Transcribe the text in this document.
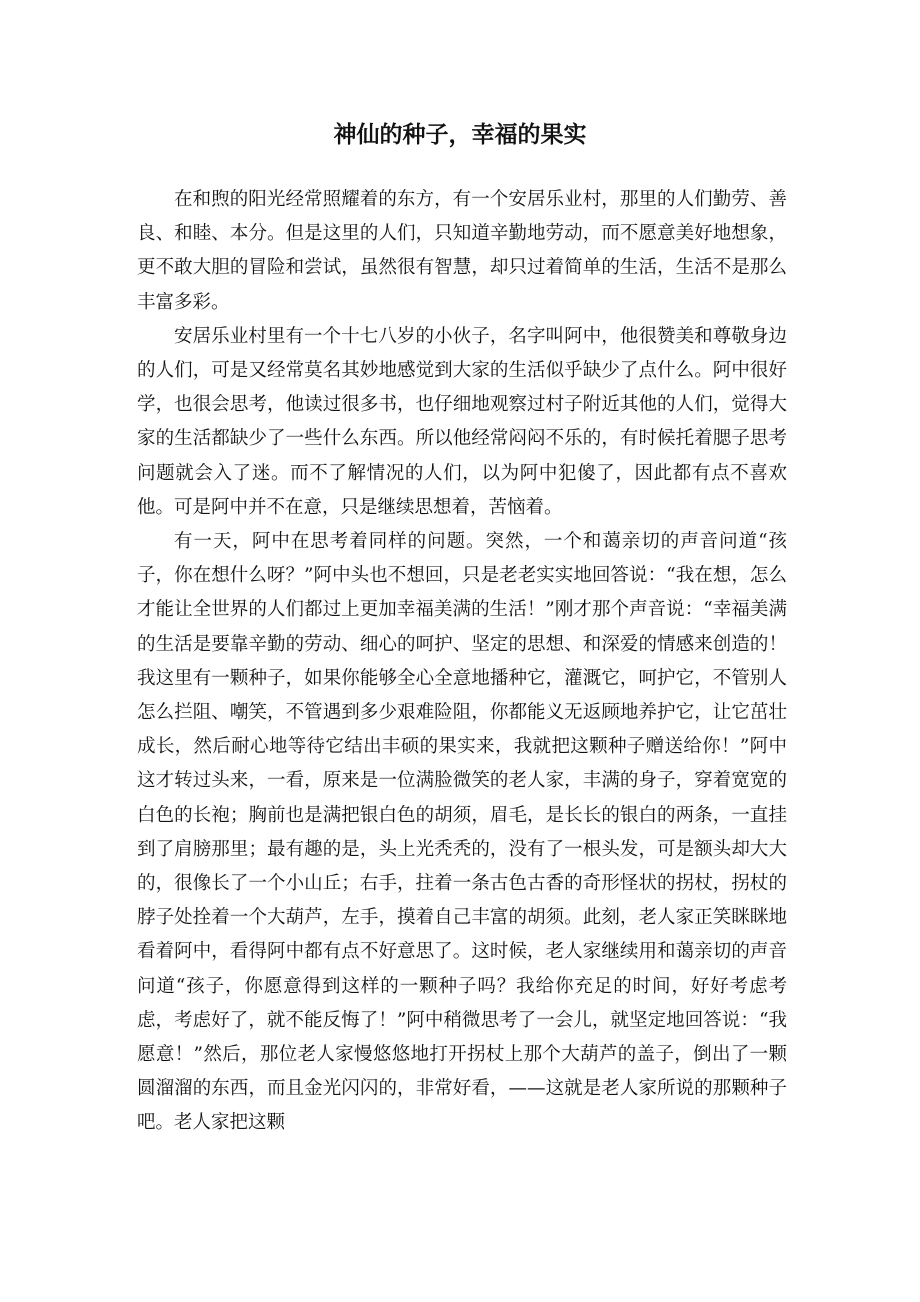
神仙的种子，幸福的果实

在和煦的阳光经常照耀着的东方，有一个安居乐业村，那里的人们勤劳、善良、和睦、本分。但是这里的人们，只知道辛勤地劳动，而不愿意美好地想象，更不敢大胆的冒险和尝试，虽然很有智慧，却只过着简单的生活，生活不是那么丰富多彩。

安居乐业村里有一个十七八岁的小伙子，名字叫阿中，他很赞美和尊敬身边的人们，可是又经常莫名其妙地感觉到大家的生活似乎缺少了点什么。阿中很好学，也很会思考，他读过很多书，也仔细地观察过村子附近其他的人们，觉得大家的生活都缺少了一些什么东西。所以他经常闷闷不乐的，有时候托着腮子思考问题就会入了迷。而不了解情况的人们，以为阿中犯傻了，因此都有点不喜欢他。可是阿中并不在意，只是继续思想着，苦恼着。

有一天，阿中在思考着同样的问题。突然，一个和蔼亲切的声音问道“孩子，你在想什么呀？”阿中头也不想回，只是老老实实地回答说：“我在想，怎么才能让全世界的人们都过上更加幸福美满的生活！”刚才那个声音说：“幸福美满的生活是要靠辛勤的劳动、细心的呵护、坚定的思想、和深爱的情感来创造的！我这里有一颗种子，如果你能够全心全意地播种它，灌溉它，呵护它，不管别人怎么拦阻、嘲笑，不管遇到多少艰难险阻，你都能义无返顾地养护它，让它茁壮成长，然后耐心地等待它结出丰硕的果实来，我就把这颗种子赠送给你！”阿中这才转过头来，一看，原来是一位满脸微笑的老人家，丰满的身子，穿着宽宽的白色的长袍；胸前也是满把银白色的胡须，眉毛，是长长的银白的两条，一直挂到了肩膀那里；最有趣的是，头上光秃秃的，没有了一根头发，可是额头却大大的，很像长了一个小山丘；右手，拄着一条古色古香的奇形怪状的拐杖，拐杖的脖子处拴着一个大葫芦，左手，摸着自己丰富的胡须。此刻，老人家正笑眯眯地看着阿中，看得阿中都有点不好意思了。这时候，老人家继续用和蔼亲切的声音问道“孩子，你愿意得到这样的一颗种子吗？我给你充足的时间，好好考虑考虑，考虑好了，就不能反悔了！”阿中稍微思考了一会儿，就坚定地回答说：“我愿意！”然后，那位老人家慢悠悠地打开拐杖上那个大葫芦的盖子，倒出了一颗圆溜溜的东西，而且金光闪闪的，非常好看，——这就是老人家所说的那颗种子吧。老人家把这颗
